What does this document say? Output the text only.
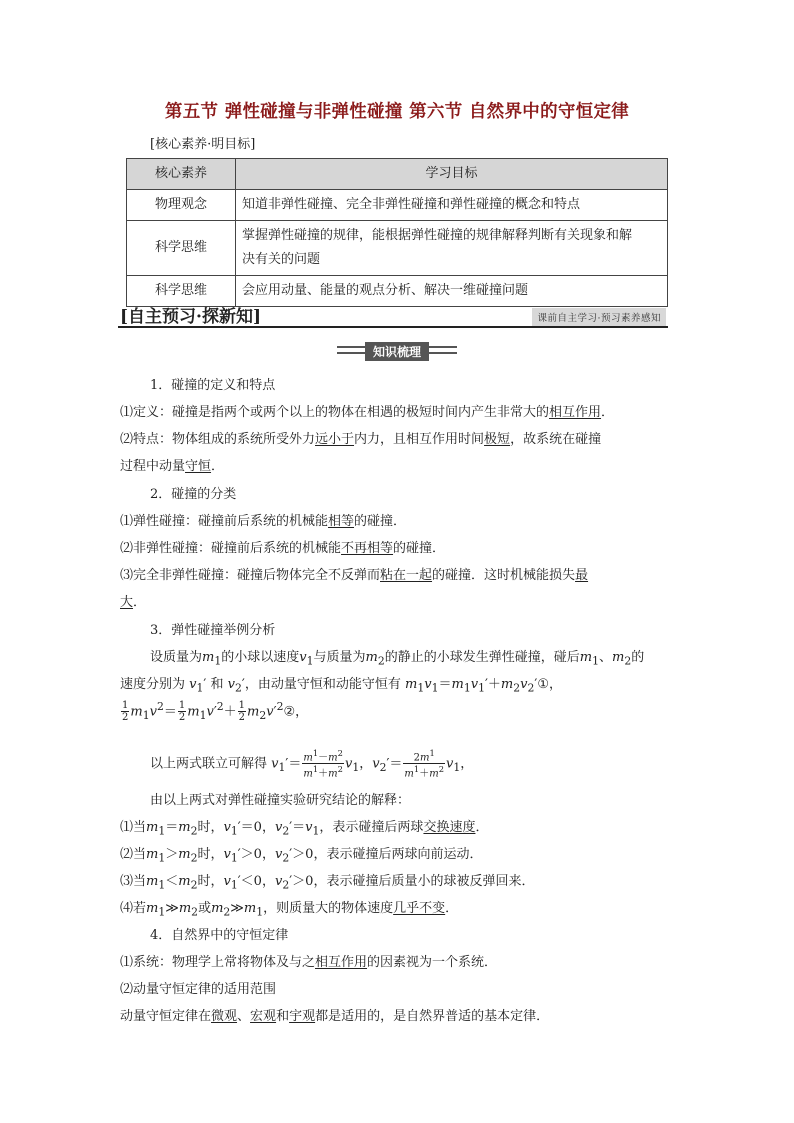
第五节 弹性碰撞与非弹性碰撞 第六节 自然界中的守恒定律
[核心素养·明目标]
核心素养	学习目标
物理观念	知道非弹性碰撞、完全非弹性碰撞和弹性碰撞的概念和特点
科学思维	掌握弹性碰撞的规律，能根据弹性碰撞的规律解释判断有关现象和解
决有关的问题
科学思维	会应用动量、能量的观点分析、解决一维碰撞问题
[自主预习·探新知]	课前自主学习·预习素养感知
知识梳理
1．碰撞的定义和特点
⑴定义：碰撞是指两个或两个以上的物体在相遇的极短时间内产生非常大的相互作用．
⑵特点：物体组成的系统所受外力远小于内力，且相互作用时间极短，故系统在碰撞
过程中动量守恒．
2．碰撞的分类
⑴弹性碰撞：碰撞前后系统的机械能相等的碰撞．
⑵非弹性碰撞：碰撞前后系统的机械能不再相等的碰撞．
⑶完全非弹性碰撞：碰撞后物体完全不反弹而粘在一起的碰撞．这时机械能损失最
大．
3．弹性碰撞举例分析
设质量为$m_1$的小球以速度$v_1$与质量为$m_2$的静止的小球发生弹性碰撞，碰后$m_1$、$m_2$的
速度分别为 $v_1'$ 和 $v_2'$，由动量守恒和动能守恒有 $m_1v_1=m_1v_1'+m_2v_2'①$，
$\frac{1}{2} m_1v^2= \frac{1}{2} m_1v'^2+ \frac{1}{2}$ $m_2v'^2②$，
以上两式联立可解得 $v_1'= \frac{m^1-m^2}{m^1+m^2} v_1$，$v_2'= \frac{2m^1}{m^1+m^2} v_1$，
由以上两式对弹性碰撞实验研究结论的解释：
⑴当$m_1=m_2$时，$v_1'=0$，$v_2'=v_1$，表示碰撞后两球交换速度．
⑵当$m_1>m_2$时，$v_1'>0$，$v_2'>0$，表示碰撞后两球向前运动．
⑶当$m_1<m_2$时，$v_1'<0$，$v_2'>0$，表示碰撞后质量小的球被反弹回来．
⑷若$m_1≫m_2$或$m_2≫m_1$，则质量大的物体速度几乎不变．
4．自然界中的守恒定律
⑴系统：物理学上常将物体及与之相互作用的因素视为一个系统．
⑵动量守恒定律的适用范围
动量守恒定律在微观、宏观和宇观都是适用的，是自然界普适的基本定律．
